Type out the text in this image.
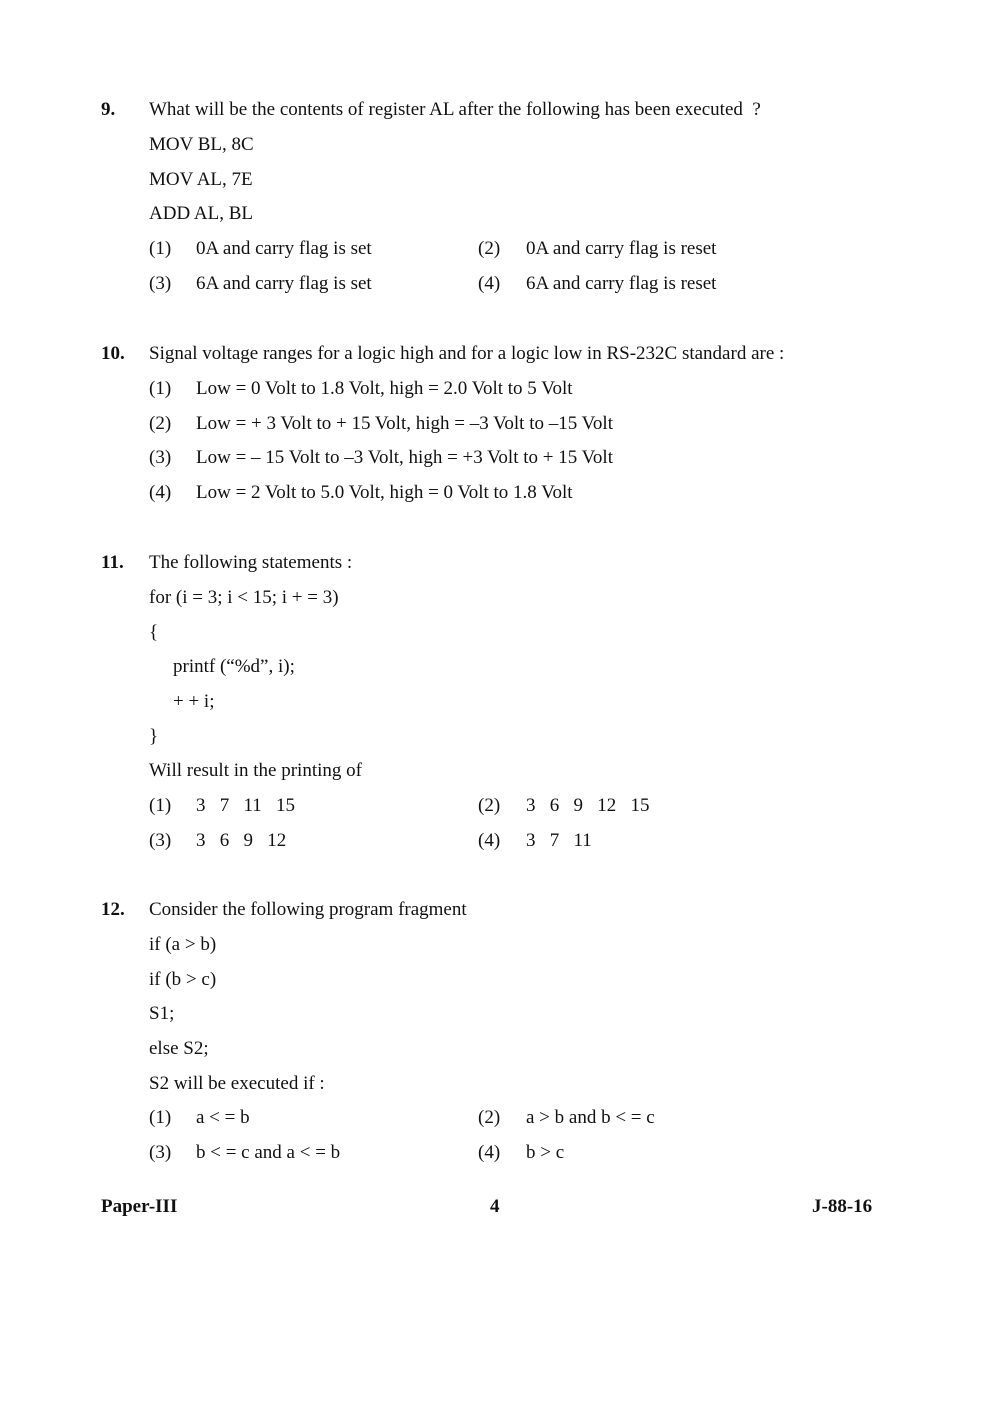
9. What will be the contents of register AL after the following has been executed  ?
MOV BL, 8C
MOV AL, 7E
ADD AL, BL
(1) 0A and carry flag is set	(2) 0A and carry flag is reset
(3) 6A and carry flag is set	(4) 6A and carry flag is reset
10. Signal voltage ranges for a logic high and for a logic low in RS-232C standard are :
(1) Low = 0 Volt to 1.8 Volt, high = 2.0 Volt to 5 Volt
(2) Low = + 3 Volt to + 15 Volt, high = –3 Volt to –15 Volt
(3) Low = – 15 Volt to –3 Volt, high = +3 Volt to + 15 Volt
(4) Low = 2 Volt to 5.0 Volt, high = 0 Volt to 1.8 Volt
11. The following statements :
for (i = 3; i < 15; i + = 3)
{
printf (“%d”, i);
+ + i;
}
Will result in the printing of
(1) 3   7   11   15	(2) 3   6   9   12   15
(3) 3   6   9   12	(4) 3   7   11
12. Consider the following program fragment
if (a > b)
if (b > c)
S1;
else S2;
S2 will be executed if :
(1) a < = b	(2) a > b and b < = c
(3) b < = c and a < = b	(4) b > c
Paper-III	4	J-88-16
